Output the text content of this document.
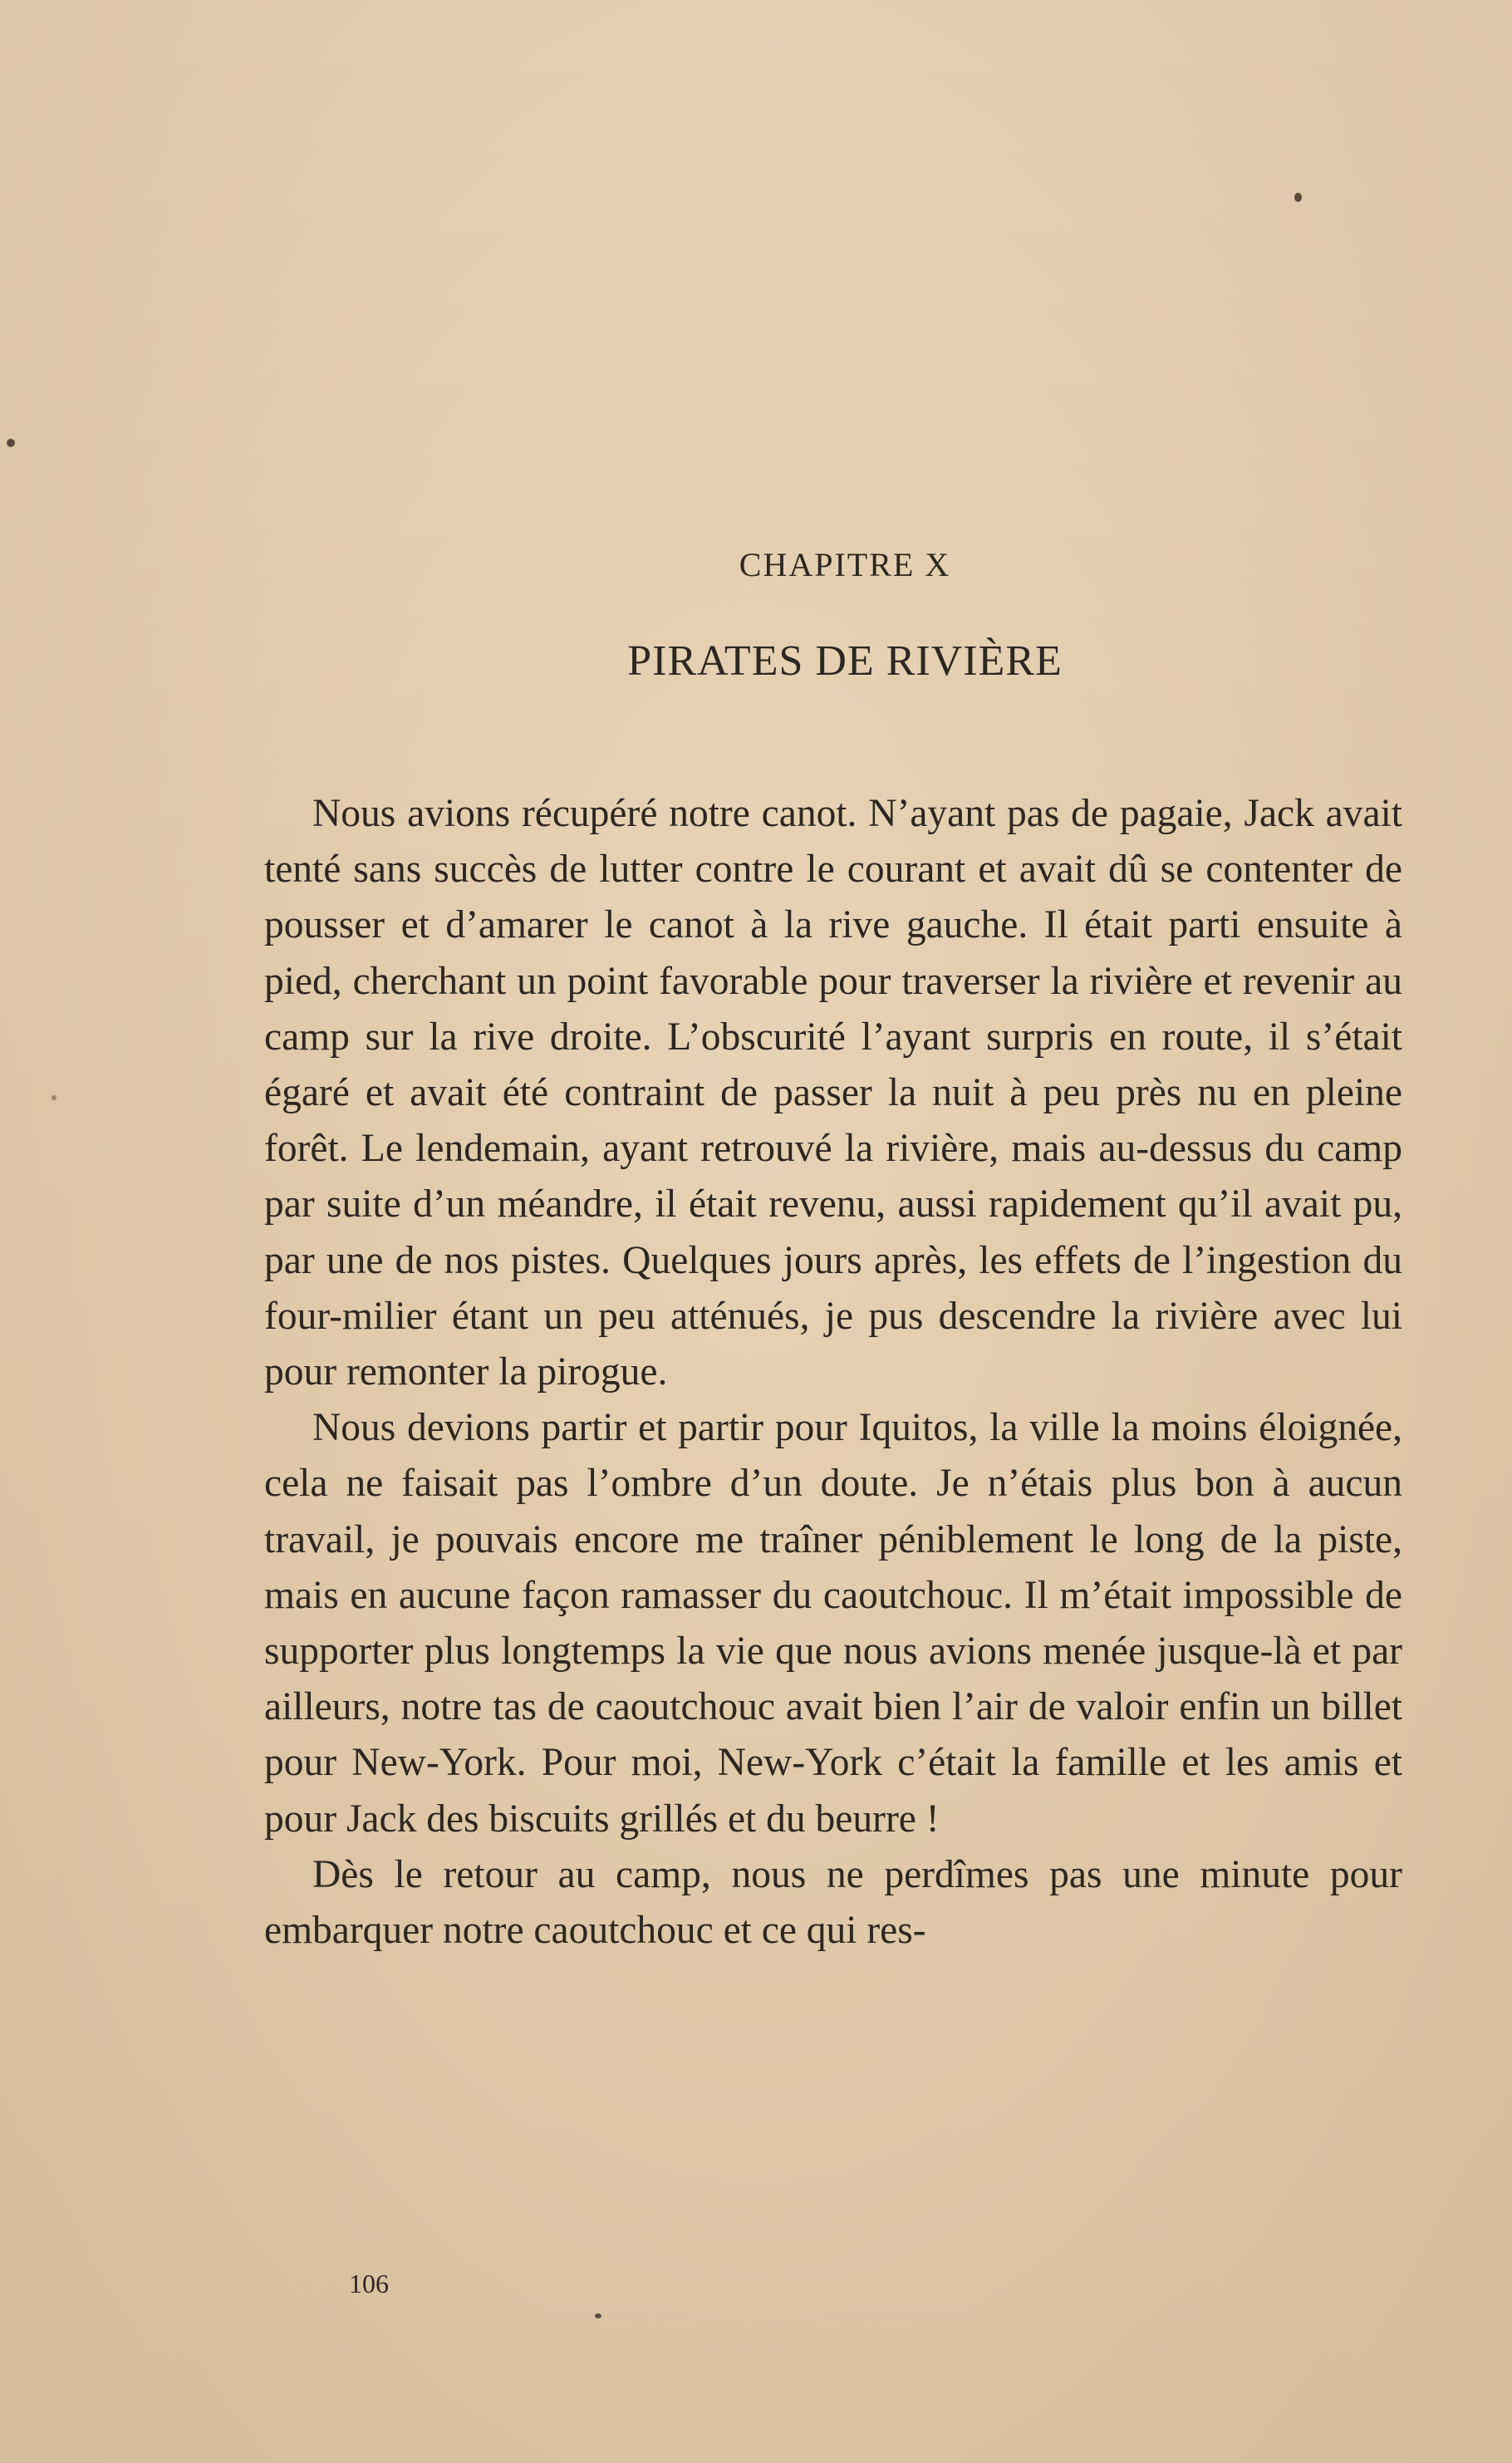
CHAPITRE X
PIRATES DE RIVIÈRE

Nous avions récupéré notre canot. N’ayant pas de pagaie, Jack avait tenté sans succès de lutter contre le courant et avait dû se contenter de pousser et d’amarer le canot à la rive gauche. Il était parti ensuite à pied, cherchant un point favorable pour traverser la rivière et revenir au camp sur la rive droite. L’obscurité l’ayant surpris en route, il s’était égaré et avait été contraint de passer la nuit à peu près nu en pleine forêt. Le lendemain, ayant retrouvé la rivière, mais au-dessus du camp par suite d’un méandre, il était revenu, aussi rapidement qu’il avait pu, par une de nos pistes. Quelques jours après, les effets de l’ingestion du four-milier étant un peu atténués, je pus descendre la rivière avec lui pour remonter la pirogue.

Nous devions partir et partir pour Iquitos, la ville la moins éloignée, cela ne faisait pas l’ombre d’un doute. Je n’étais plus bon à aucun travail, je pouvais encore me traîner péniblement le long de la piste, mais en aucune façon ramasser du caoutchouc. Il m’était impossible de supporter plus longtemps la vie que nous avions menée jusque-là et par ailleurs, notre tas de caoutchouc avait bien l’air de valoir enfin un billet pour New-York. Pour moi, New-York c’était la famille et les amis et pour Jack des biscuits grillés et du beurre !

Dès le retour au camp, nous ne perdîmes pas une minute pour embarquer notre caoutchouc et ce qui res-

106
